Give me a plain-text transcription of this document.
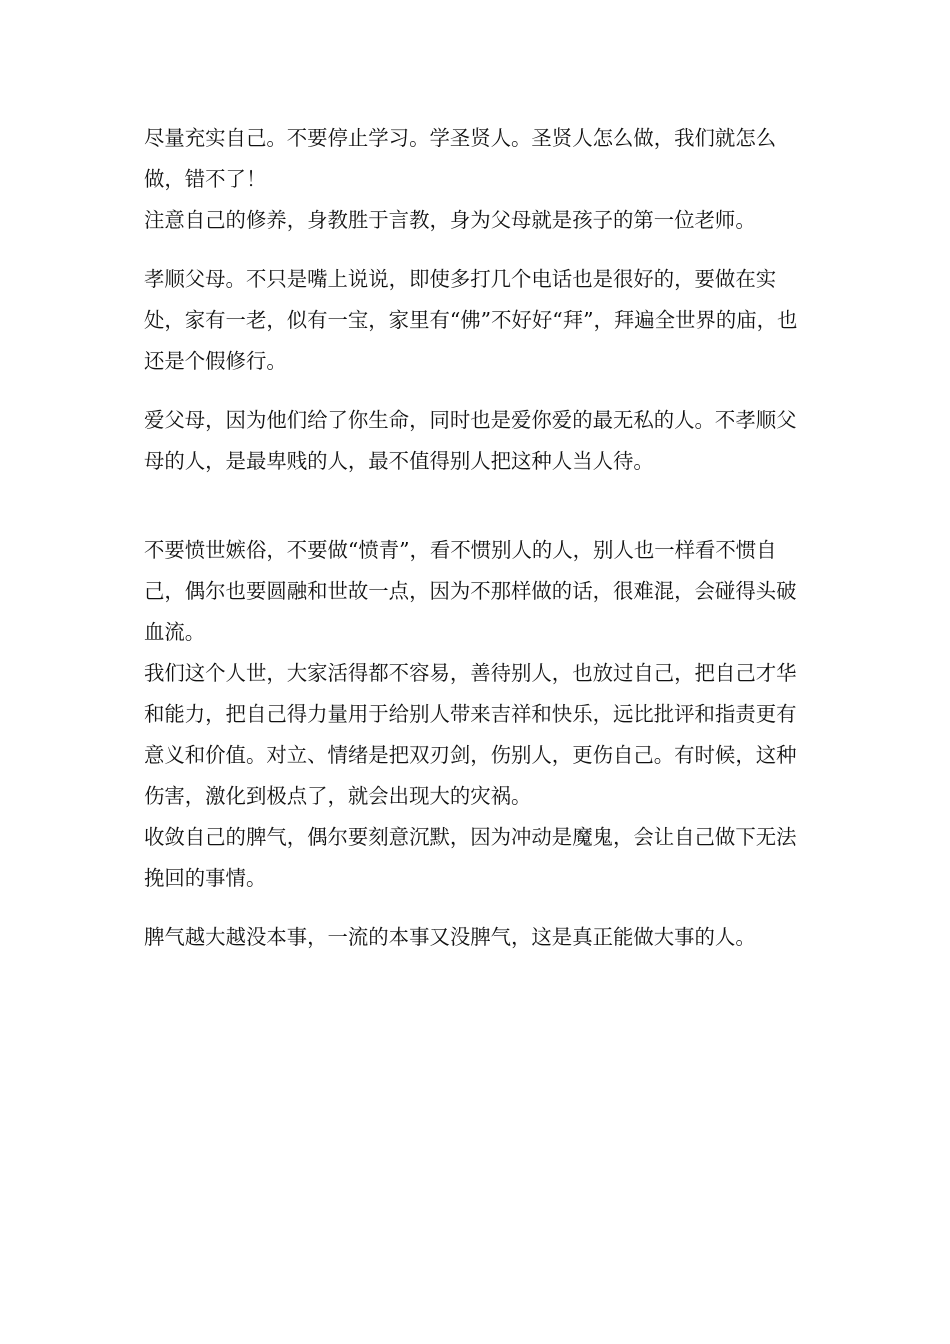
尽量充实自己。不要停止学习。学圣贤人。圣贤人怎么做，我们就怎么做，错不了！

注意自己的修养，身教胜于言教，身为父母就是孩子的第一位老师。

孝顺父母。不只是嘴上说说，即使多打几个电话也是很好的，要做在实处，家有一老，似有一宝，家里有“佛”不好好“拜”，拜遍全世界的庙，也还是个假修行。

爱父母，因为他们给了你生命，同时也是爱你爱的最无私的人。不孝顺父母的人，是最卑贱的人，最不值得别人把这种人当人待。

不要愤世嫉俗，不要做“愤青”，看不惯别人的人，别人也一样看不惯自己，偶尔也要圆融和世故一点，因为不那样做的话，很难混，会碰得头破血流。

我们这个人世，大家活得都不容易，善待别人，也放过自己，把自己才华和能力，把自己得力量用于给别人带来吉祥和快乐，远比批评和指责更有意义和价值。对立、情绪是把双刃剑，伤别人，更伤自己。有时候，这种伤害，激化到极点了，就会出现大的灾祸。

收敛自己的脾气，偶尔要刻意沉默，因为冲动是魔鬼，会让自己做下无法挽回的事情。

脾气越大越没本事，一流的本事又没脾气，这是真正能做大事的人。
